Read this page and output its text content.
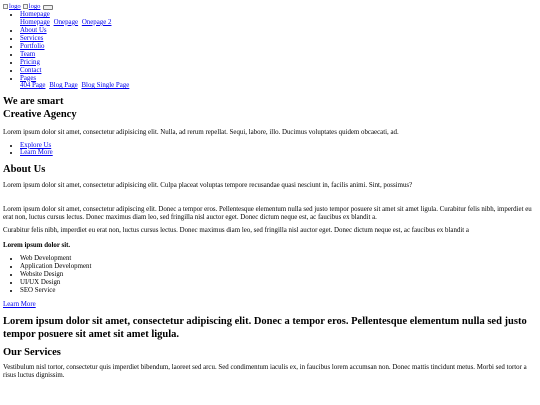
logo logo
• Homepage
Homepage Onepage Onepage 2
• About Us
• Services
• Portfolio
• Team
• Pricing
• Contact
• Pages
404 Page Blog Page Blog Single Page
We are smart
Creative Agency

Lorem ipsum dolor sit amet, consectetur adipisicing elit. Nulla, ad rerum repellat. Sequi, labore, illo. Ducimus voluptates quidem obcaecati, ad.

• Explore Us
• Learn More
About Us

Lorem ipsum dolor sit amet, consectetur adipisicing elit. Culpa placeat voluptas tempore recusandae quasi nesciunt in, facilis animi. Sint, possimus?

Lorem ipsum dolor sit amet, consectetur adipiscing elit. Donec a tempor eros. Pellentesque elementum nulla sed justo tempor posuere sit amet sit amet ligula. Curabitur felis nibh, imperdiet eu erat non, luctus cursus lectus. Donec maximus diam leo, sed fringilla nisl auctor eget. Donec dictum neque est, ac faucibus ex blandit a.

Curabitur felis nibh, imperdiet eu erat non, luctus cursus lectus. Donec maximus diam leo, sed fringilla nisl auctor eget. Donec dictum neque est, ac faucibus ex blandit a

Lorem ipsum dolor sit.

• Web Development
• Application Development
• Website Design
• UI/UX Design
• SEO Service
Learn More
Lorem ipsum dolor sit amet, consectetur adipiscing elit. Donec a tempor eros. Pellentesque elementum nulla sed justo tempor posuere sit amet sit amet ligula.
Our Services

Vestibulum nisl tortor, consectetur quis imperdiet bibendum, laoreet sed arcu. Sed condimentum iaculis ex, in faucibus lorem accumsan non. Donec mattis tincidunt metus. Morbi sed tortor a risus luctus dignissim.
